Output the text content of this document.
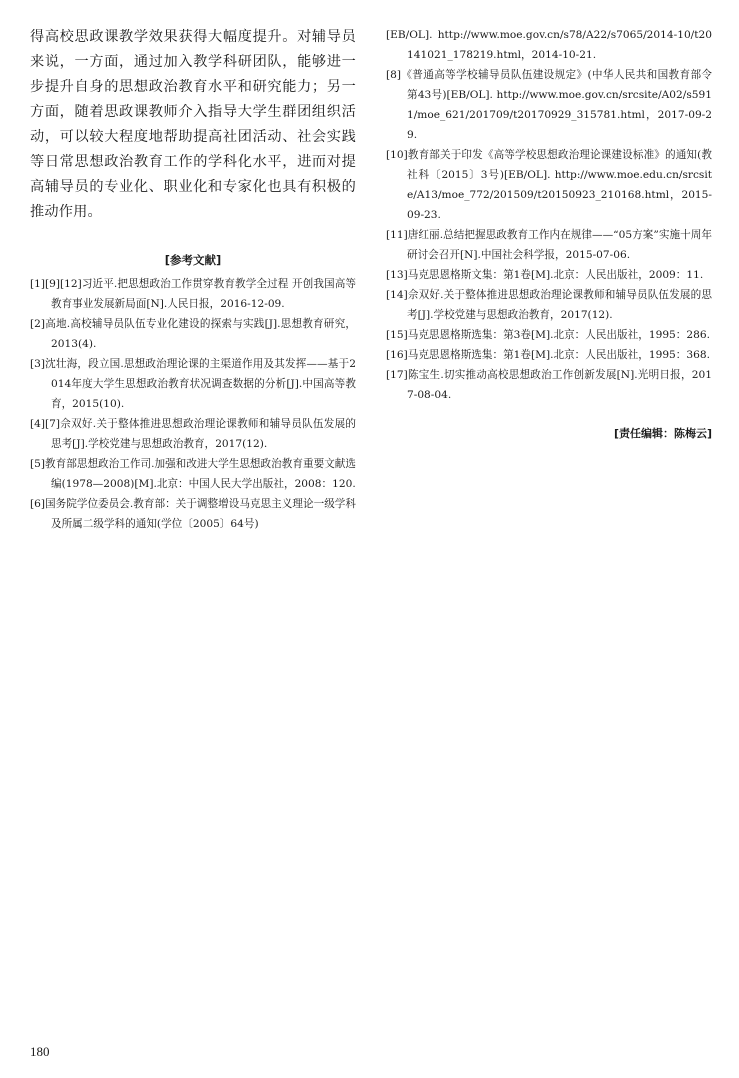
得高校思政课教学效果获得大幅度提升。对辅导员来说，一方面，通过加入教学科研团队，能够进一步提升自身的思想政治教育水平和研究能力；另一方面，随着思政课教师介入指导大学生群团组织活动，可以较大程度地帮助提高社团活动、社会实践等日常思想政治教育工作的学科化水平，进而对提高辅导员的专业化、职业化和专家化也具有积极的推动作用。

[参考文献]

[1][9][12]习近平.把思想政治工作贯穿教育教学全过程 开创我国高等教育事业发展新局面[N].人民日报，2016-12-09.

[2]高地.高校辅导员队伍专业化建设的探索与实践[J].思想教育研究，2013(4).

[3]沈壮海，段立国.思想政治理论课的主渠道作用及其发挥——基于2014年度大学生思想政治教育状况调查数据的分析[J].中国高等教育，2015(10).

[4][7]佘双好.关于整体推进思想政治理论课教师和辅导员队伍发展的思考[J].学校党建与思想政治教育，2017(12).

[5]教育部思想政治工作司.加强和改进大学生思想政治教育重要文献选编(1978—2008)[M].北京：中国人民大学出版社，2008：120.

[6]国务院学位委员会.教育部：关于调整增设马克思主义理论一级学科及所属二级学科的通知(学位〔2005〕64号)

[EB/OL]. http://www.moe.gov.cn/s78/A22/s7065/2014-10/t20141021_178219.html，2014-10-21.

[8]《普通高等学校辅导员队伍建设规定》(中华人民共和国教育部令第43号)[EB/OL]. http://www.moe.gov.cn/srcsite/A02/s5911/moe_621/201709/t20170929_315781.html，2017-09-29.

[10]教育部关于印发《高等学校思想政治理论课建设标准》的通知(教社科〔2015〕3号)[EB/OL]. http://www.moe.edu.cn/srcsite/A13/moe_772/201509/t20150923_210168.html，2015-09-23.

[11]唐红丽.总结把握思政教育工作内在规律——“05方案”实施十周年研讨会召开[N].中国社会科学报，2015-07-06.

[13]马克思恩格斯文集：第1卷[M].北京：人民出版社，2009：11.

[14]佘双好.关于整体推进思想政治理论课教师和辅导员队伍发展的思考[J].学校党建与思想政治教育，2017(12).

[15]马克思恩格斯选集：第3卷[M].北京：人民出版社，1995：286.

[16]马克思恩格斯选集：第1卷[M].北京：人民出版社，1995：368.

[17]陈宝生.切实推动高校思想政治工作创新发展[N].光明日报，2017-08-04.

[责任编辑：陈梅云]
180
